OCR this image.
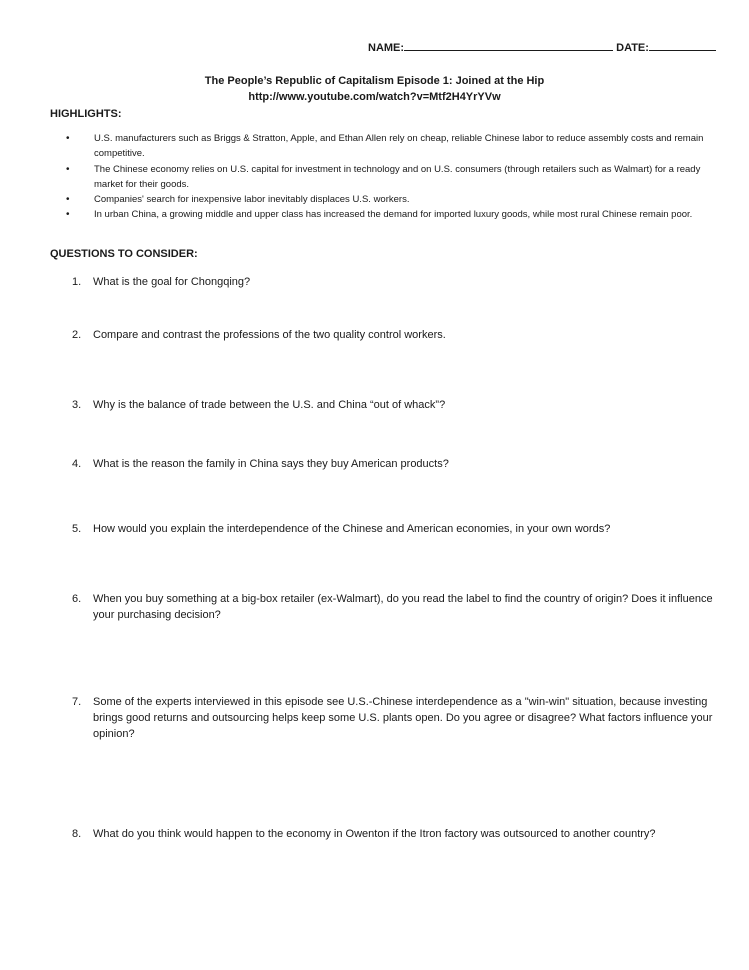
NAME:	DATE:
The People’s Republic of Capitalism Episode 1: Joined at the Hip
http://www.youtube.com/watch?v=Mtf2H4YrYVw
HIGHLIGHTS:
•	U.S. manufacturers such as Briggs & Stratton, Apple, and Ethan Allen rely on cheap, reliable Chinese labor to reduce assembly costs and remain competitive.
•	The Chinese economy relies on U.S. capital for investment in technology and on U.S. consumers (through retailers such as Walmart) for a ready market for their goods.
•	Companies' search for inexpensive labor inevitably displaces U.S. workers.
•	In urban China, a growing middle and upper class has increased the demand for imported luxury goods, while most rural Chinese remain poor.
QUESTIONS TO CONSIDER:
1. What is the goal for Chongqing?
2. Compare and contrast the professions of the two quality control workers.
3. Why is the balance of trade between the U.S. and China “out of whack”?
4. What is the reason the family in China says they buy American products?
5. How would you explain the interdependence of the Chinese and American economies, in your own words?
6. When you buy something at a big-box retailer (ex-Walmart), do you read the label to find the country of origin? Does it influence your purchasing decision?
7. Some of the experts interviewed in this episode see U.S.-Chinese interdependence as a "win-win" situation, because investing brings good returns and outsourcing helps keep some U.S. plants open. Do you agree or disagree? What factors influence your opinion?
8. What do you think would happen to the economy in Owenton if the Itron factory was outsourced to another country?
